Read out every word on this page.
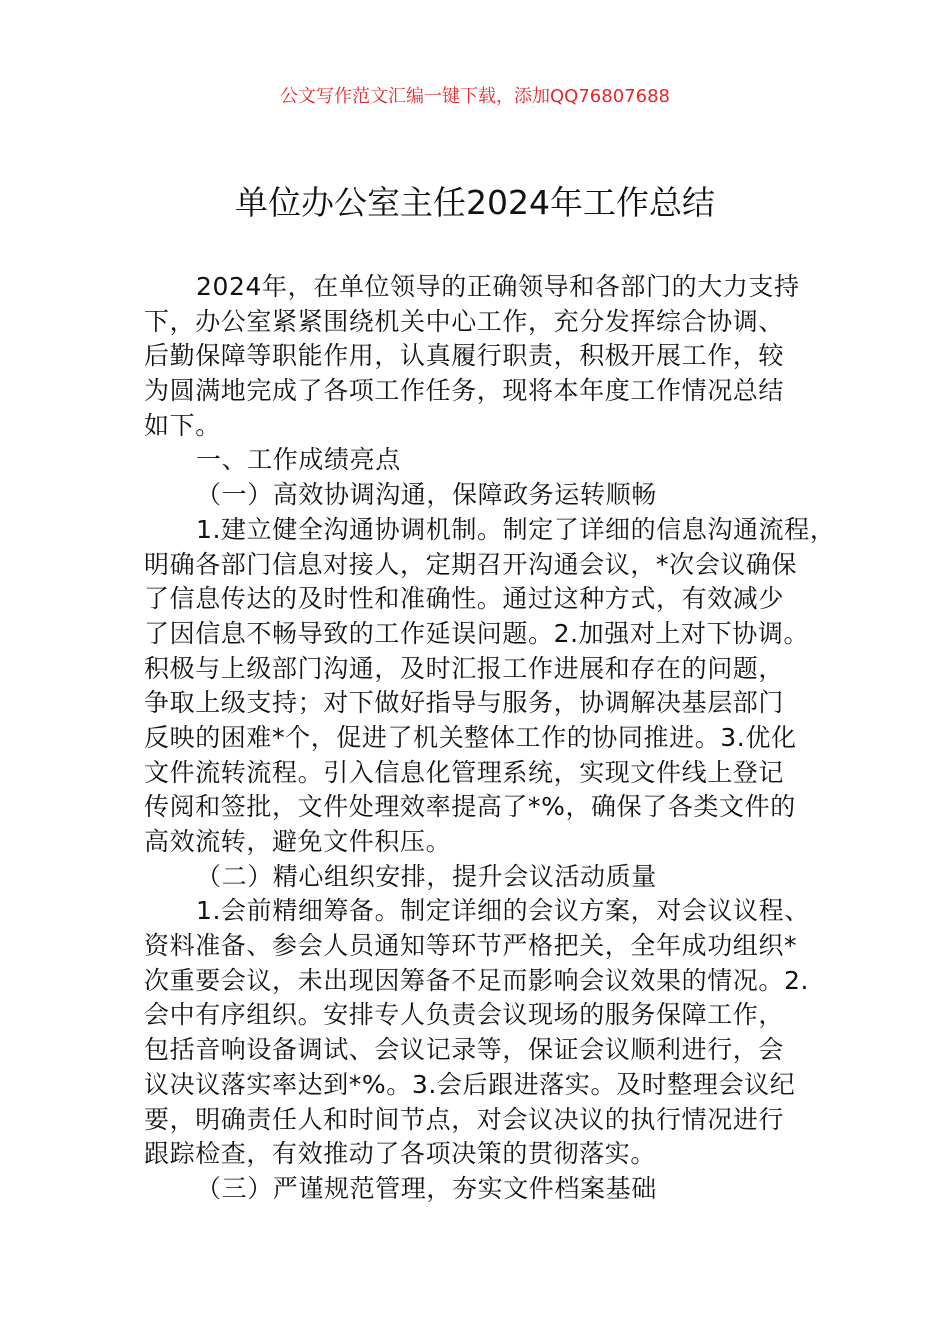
公文写作范文汇编一键下载，添加QQ76807688
单位办公室主任2024年工作总结
2024年，在单位领导的正确领导和各部门的大力支持
下，办公室紧紧围绕机关中心工作，充分发挥综合协调、
后勤保障等职能作用，认真履行职责，积极开展工作，较
为圆满地完成了各项工作任务，现将本年度工作情况总结
如下。
一、工作成绩亮点
（一）高效协调沟通，保障政务运转顺畅
1.建立健全沟通协调机制。制定了详细的信息沟通流程，
明确各部门信息对接人，定期召开沟通会议，*次会议确保
了信息传达的及时性和准确性。通过这种方式，有效减少
了因信息不畅导致的工作延误问题。2.加强对上对下协调。
积极与上级部门沟通，及时汇报工作进展和存在的问题，
争取上级支持；对下做好指导与服务，协调解决基层部门
反映的困难*个，促进了机关整体工作的协同推进。3.优化
文件流转流程。引入信息化管理系统，实现文件线上登记
传阅和签批，文件处理效率提高了*%，确保了各类文件的
高效流转，避免文件积压。
（二）精心组织安排，提升会议活动质量
1.会前精细筹备。制定详细的会议方案，对会议议程、
资料准备、参会人员通知等环节严格把关，全年成功组织*
次重要会议，未出现因筹备不足而影响会议效果的情况。2.
会中有序组织。安排专人负责会议现场的服务保障工作，
包括音响设备调试、会议记录等，保证会议顺利进行，会
议决议落实率达到*%。3.会后跟进落实。及时整理会议纪
要，明确责任人和时间节点，对会议决议的执行情况进行
跟踪检查，有效推动了各项决策的贯彻落实。
（三）严谨规范管理，夯实文件档案基础
